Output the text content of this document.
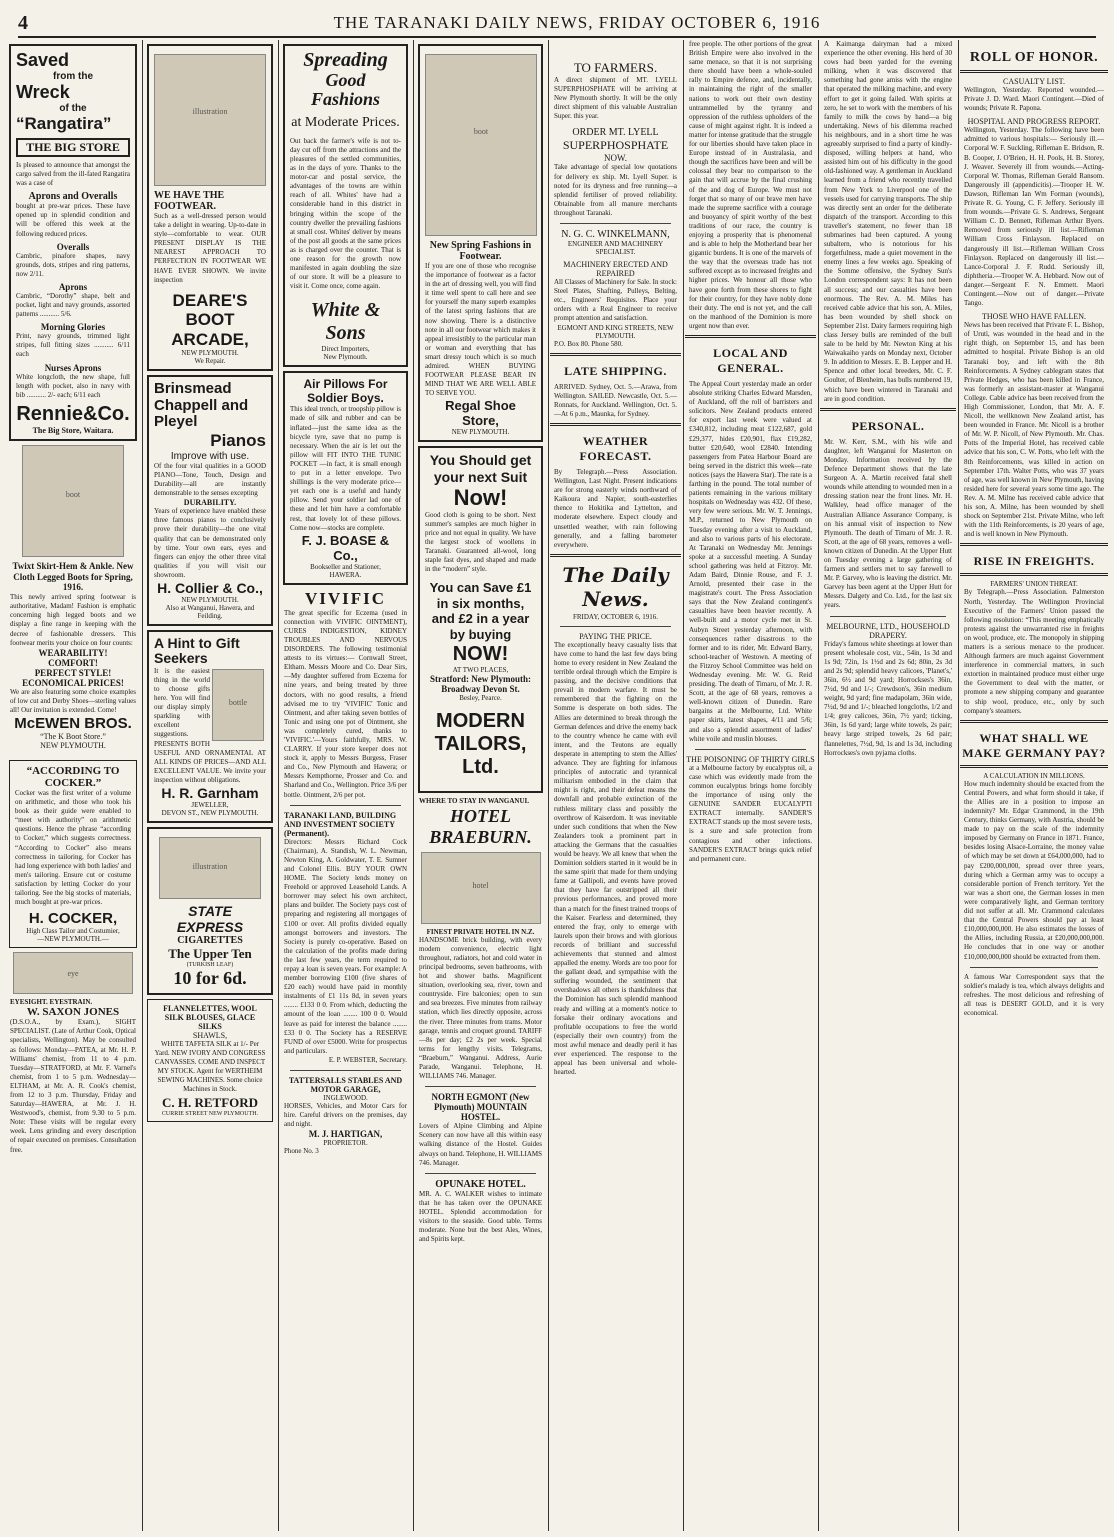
4	THE TARANAKI DAILY NEWS, FRIDAY OCTOBER 6, 1916
Saved
from the
Wreck
of the
“Rangatira”
THE BIG STORE
Is pleased to announce that amongst the cargo salved from the ill-fated Rangatira was a case of
Aprons and Overalls
bought at pre-war prices. These have opened up in splendid condition and will be offered this week at the following reduced prices.
Overalls
Cambric, pinafore shapes, navy grounds, dots, stripes and ring patterns, now 2/11.
Aprons
Cambric, “Dorothy” shape, belt and pocket, light and navy grounds, assorted patterns ........... 5/6.
Morning Glories
Print, navy grounds, trimmed light stripes, full fitting sizes ........... 6/11 each
Nurses Aprons
White longcloth, the new shape, full length with pocket, also in navy with bib ........... 2/- each; 6/11 each
Rennie&Co.
The Big Store, Waitara.
boot
Twixt Skirt-Hem & Ankle. New Cloth Legged Boots for Spring, 1916.
This newly arrived spring footwear is authoritative, Madam! Fashion is emphatic concerning high legged boots and we display a fine range in keeping with the decree of fashionable dressers. This footwear merits your choice on four counts:
WEARABILITY!
COMFORT!
PERFECT STYLE!
ECONOMICAL PRICES!
We are also featuring some choice examples of low cut and Derby Shoes—sterling values all! Our invitation is extended. Come!
McEWEN BROS.
“The K Boot Store.”
NEW PLYMOUTH.
“ACCORDING TO COCKER.”
Cocker was the first writer of a volume on arithmetic, and those who took his book as their guide were enabled to “meet with authority” on arithmetic questions. Hence the phrase “according to Cocker,” which suggests correctness. “According to Cocker” also means correctness in tailoring, for Cocker has had long experience with both ladies' and men's tailoring. Ensure cut or costume satisfaction by letting Cocker do your tailoring. See the big stocks of materials, much bought at pre-war prices.
H. COCKER,
High Class Tailor and Costumier,
—NEW PLYMOUTH.—
eye
EYESIGHT. EYESTRAIN.
W. SAXON JONES
(D.S.O.A., by Exam.), SIGHT SPECIALIST. (Late of Arthur Cook, Optical specialists, Wellington). May be consulted as follows: Monday—PATEA, at Mr. H. P. Williams' chemist, from 11 to 4 p.m. Tuesday—STRATFORD, at Mr. F. Varnel's chemist, from 1 to 5 p.m. Wednesday—ELTHAM, at Mr. A. R. Cook's chemist, from 12 to 3 p.m. Thursday, Friday and Saturday—HAWERA, at Mr. J. H. Westwood's, chemist, from 9.30 to 5 p.m. Note: These visits will be regular every week. Lens grinding and every description of repair executed on premises. Consultation free.
illustration
WE HAVE THE FOOTWEAR.
Such as a well-dressed person would take a delight in wearing. Up-to-date in style—comfortable to wear. OUR PRESENT DISPLAY IS THE NEAREST APPROACH TO PERFECTION IN FOOTWEAR WE HAVE EVER SHOWN. We invite inspection
DEARE'S BOOT ARCADE,
NEW PLYMOUTH.
We Repair.
Brinsmead Chappell and Pleyel
Pianos
Improve with use.
Of the four vital qualities in a GOOD PIANO—Tone, Touch, Design and Durability—all are instantly demonstrable to the senses excepting
DURABILITY.
Years of experience have enabled these three famous pianos to conclusively prove their durability—the one vital quality that can be demonstrated only by time. Your own ears, eyes and fingers can enjoy the other three vital qualities if you will visit our showroom.
H. Collier & Co.,
NEW PLYMOUTH.
Also at Wanganui, Hawera, and Feilding.
A Hint to Gift Seekers
bottle
It is the easiest thing in the world to choose gifts here. You will find our display simply sparkling with excellent suggestions. PRESENTS BOTH USEFUL AND ORNAMENTAL AT ALL KINDS OF PRICES—AND ALL EXCELLENT VALUE. We invite your inspection without obligations.
H. R. Garnham
JEWELLER,
DEVON ST., NEW PLYMOUTH.
illustration
STATE EXPRESS
CIGARETTES
The Upper Ten
(TURKISH LEAF)
10 for 6d.
FLANNELETTES, WOOL SILK BLOUSES, GLACE SILKS
SHAWLS,
WHITE TAFFETA SILK at 1/- Per Yard. NEW IVORY AND CONGRESS CANVASSES. COME AND INSPECT MY STOCK. Agent for WERTHEIM SEWING MACHINES. Some choice Machines in Stock.
C. H. RETFORD
CURRIE STREET NEW PLYMOUTH.
Spreading
Good Fashions
at Moderate Prices.
Out back the farmer's wife is not to-day cut off from the attractions and the pleasures of the settled communities, as in the days of yore. Thanks to the motor-car and postal service, the advantages of the towns are within reach of all. Whites' have had a considerable hand in this district in bringing within the scope of the country dweller the prevailing fashions at small cost. Whites' deliver by means of the post all goods at the same prices as is charged over the counter. That is one reason for the growth now manifested in again doubling the size of our store. It will be a pleasure to visit it. Come once, come again.
White & Sons
Direct Importers,
New Plymouth.
Air Pillows For Soldier Boys.
This ideal trench, or troopship pillow is made of silk and rubber and can be inflated—just the same idea as the bicycle tyre, save that no pump is necessary. When the air is let out the pillow will FIT INTO THE TUNIC POCKET —in fact, it is small enough to put in a letter envelope. Two shillings is the very moderate price—yet each one is a useful and handy pillow. Send your soldier lad one of these and let him have a comfortable rest, that lovely lot of these pillows. Come now—stocks are complete.
F. J. BOASE & Co.,
Bookseller and Stationer,
HAWERA.
VIVIFIC
The great specific for Eczema (used in connection with VIVIFIC OINTMENT), CURES INDIGESTION, KIDNEY TROUBLES AND NERVOUS DISORDERS. The following testimonial attests to its virtues:— Cornwall Street, Eltham. Messrs Moore and Co. Dear Sirs,—My daughter suffered from Eczema for nine years, and being treated by three doctors, with no good results, a friend advised me to try 'VIVIFIC' Tonic and Ointment, and after taking seven bottles of Tonic and using one pot of Ointment, she was completely cured, thanks to 'VIVIFIC.'—Yours faithfully, MRS. W. CLARRY. If your store keeper does not stock it, apply to Messrs Burgess, Fraser and Co., New Plymouth and Hawera; or Messrs Kempthorne, Prosser and Co. and Sharland and Co., Wellington. Price 3/6 per bottle. Ointment, 2/6 per pot.
TARANAKI LAND, BUILDING AND INVESTMENT SOCIETY (Permanent).
Directors: Messrs Richard Cock (Chairman), A. Standish, W. L. Newman, Newton King, A. Goldwater, T. E. Sumner and Colonel Ellis. BUY YOUR OWN HOME. The Society lends money on Freehold or approved Leasehold Lands. A borrower may select his own architect, plans and builder. The Society pays cost of preparing and registering all mortgages of £100 or over. All profits divided equally amongst borrowers and investors. The Society is purely co-operative. Based on the calculation of the profits made during the last few years, the term required to repay a loan is seven years. For example: A member borrowing £100 (five shares of £20 each) would have paid in monthly instalments of £1 11s 8d, in seven years ........ £133 0 0. From which, deducting the amount of the loan ........ 100 0 0. Would leave as paid for interest the balance ........ £33 0 0. The Society has a RESERVE FUND of over £5000. Write for prospectus and particulars.
E. P. WEBSTER, Secretary.
TATTERSALLS STABLES AND MOTOR GARAGE,
INGLEWOOD.
HORSES, Vehicles, and Motor Cars for hire. Careful drivers on the premises, day and night.
M. J. HARTIGAN,
PROPRIETOR.
Phone No. 3
boot
New Spring Fashions in Footwear.
If you are one of those who recognise the importance of footwear as a factor in the art of dressing well, you will find it time well spent to call here and see for yourself the many superb examples of the latest spring fashions that are now showing. There is a distinctive note in all our footwear which makes it appeal irresistibly to the particular man or woman and everything that has smart dressy touch which is so much admired. WHEN BUYING FOOTWEAR PLEASE BEAR IN MIND THAT WE ARE WELL ABLE TO SERVE YOU.
Regal Shoe Store,
NEW PLYMOUTH.
You Should get your next Suit
Now!
Good cloth is going to be short. Next summer's samples are much higher in price and not equal in quality. We have the largest stock of woollens in Taranaki. Guaranteed all-wool, long staple fast dyes, and shaped and made in the “modern” style.
You can Save £1 in six months, and £2 in a year by buying
NOW!
AT TWO PLACES,
Stratford: New Plymouth:
Broadway Devon St.
Besley, Pearce.
MODERN TAILORS, Ltd.
WHERE TO STAY IN WANGANUI.
HOTEL BRAEBURN.
hotel
FINEST PRIVATE HOTEL IN N.Z.
HANDSOME brick building, with every modern convenience, electric light throughout, radiators, hot and cold water in principal bedrooms, seven bathrooms, with hot and shower baths. Magnificent situation, overlooking sea, river, town and countryside. Fire balconies; open to sun and sea breezes. Five minutes from railway station, which lies directly opposite, across the river. Three minutes from trams. Motor garage, tennis and croquet ground. TARIFF—8s per day; £2 2s per week. Special terms for lengthy visits. Telegrams, “Braeburn,” Wanganui. Address, Aurie Parade, Wanganui. Telephone, H. WILLIAMS 746. Manager.
NORTH EGMONT (New Plymouth) MOUNTAIN HOSTEL.
Lovers of Alpine Climbing and Alpine Scenery can now have all this within easy walking distance of the Hostel. Guides always on hand. Telephone, H. WILLIAMS 746. Manager.
OPUNAKE HOTEL.
MR. A. C. WALKER wishes to intimate that he has taken over the OPUNAKE HOTEL. Splendid accommodation for visitors to the seaside. Good table. Terms moderate. None but the best Ales, Wines, and Spirits kept.
TO FARMERS.
A direct shipment of MT. LYELL SUPERPHOSPHATE will be arriving at New Plymouth shortly. It will be the only direct shipment of this valuable Australian Super. this year.
ORDER MT. LYELL
SUPERPHOSPHATE
NOW.
Take advantage of special low quotations for delivery ex ship. Mt. Lyell Super. is noted for its dryness and free running—a splendid fertiliser of proved reliability. Obtainable from all manure merchants throughout Taranaki.
N. G. C. WINKELMANN,
ENGINEER AND MACHINERY SPECIALIST.
MACHINERY ERECTED AND REPAIRED
All Classes of Machinery for Sale. In stock: Steel Plates, Shafting, Pulleys, Belting, etc., Engineers' Requisites. Place your orders with a Real Engineer to receive prompt attention and satisfaction.
EGMONT AND KING STREETS, NEW PLYMOUTH.
P.O. Box 80. Phone 580.
LATE SHIPPING.
ARRIVED. Sydney, Oct. 5.—Arawa, from Wellington. SAILED. Newcastle, Oct. 5.—Ronnats, for Auckland. Wellington, Oct. 5.—At 6 p.m., Maunka, for Sydney.
WEATHER FORECAST.
By Telegraph.—Press Association. Wellington, Last Night. Present indications are for strong easterly winds northward of Kaikoura and Napier, south-easterlies thence to Hokitika and Lyttelton, and moderate elsewhere. Expect cloudy and unsettled weather, with rain following generally, and a falling barometer everywhere.
The Daily News.
FRIDAY, OCTOBER 6, 1916.
PAYING THE PRICE.
The exceptionally heavy casualty lists that have come to hand the last few days bring home to every resident in New Zealand the terrible ordeal through which the Empire is passing, and the decisive conditions that prevail in modern warfare. It must be remembered that the fighting on the Somme is desperate on both sides. The Allies are determined to break through the German defences and drive the enemy back to the country whence he came with evil intent, and the Teutons are equally desperate in attempting to stem the Allies' advance. They are fighting for infamous principles of autocratic and tyrannical militarism embodied in the claim that might is right, and their defeat means the downfall and probable extinction of the ruthless military class and possibly the overthrow of Kaiserdom. It was inevitable under such conditions that when the New Zealanders took a prominent part in attacking the Germans that the casualties would be heavy. We all knew that when the Dominion soldiers started in it would be in the same spirit that made for them undying fame at Gallipoli, and events have proved that they have far outstripped all their previous performances, and proved more than a match for the finest trained troops of the Kaiser. Fearless and determined, they entered the fray, only to emerge with laurels upon their brows and with glorious records of brilliant and successful achievements that stunned and almost appalled the enemy. Words are too poor for the gallant dead, and sympathise with the suffering wounded, the sentiment that overshadows all others is thankfulness that the Dominion has such splendid manhood ready and willing at a moment's notice to forsake their ordinary avocations and profitable occupations to free the world (especially their own country) from the most awful menace and deadly peril it has ever experienced. The response to the appeal has been universal and whole-hearted.
free people. The other portions of the great British Empire were also involved in the same menace, so that it is not surprising there should have been a whole-souled rally to Empire defence, and, incidentally, in maintaining the right of the smaller nations to work out their own destiny untrammelled by the tyranny and oppression of the ruthless upholders of the cause of might against right. It is indeed a matter for intense gratitude that the struggle for our liberties should have taken place in Europe instead of in Australasia, and though the sacrifices have been and will be colossal they bear no comparison to the gain that will accrue by the final crushing of the and dog of Europe. We must not forget that so many of our brave men have made the supreme sacrifice with a courage and buoyancy of spirit worthy of the best traditions of our race, the country is enjoying a prosperity that is phenomenal and is able to help the Motherland bear her gigantic burdens. It is one of the marvels of the way that the overseas trade has not suffered except as to increased freights and higher prices. We honour all those who have gone forth from these shores to fight for their country, for they have nobly done their duty. The end is not yet, and the call on the manhood of the Dominion is more urgent now than ever.
LOCAL AND GENERAL.
The Appeal Court yesterday made an order absolute striking Charles Edward Marsden, of Auckland, off the roll of barristers and solicitors. New Zealand products entered for export last week were valued at £340,812, including meat £122,687, gold £29,377, hides £20,901, flax £19,282, butter £20,640, wool £2840. Intending passengers from Patea Harbour Board are being served in the district this week—rate notices (says the Hawera Star). The rate is a farthing in the pound. The total number of patients remaining in the various military hospitals on Wednesday was 432. Of these, very few were serious. Mr. W. T. Jennings, M.P., returned to New Plymouth on Tuesday evening after a visit to Auckland, and also to various parts of his electorate. At Taranaki on Wednesday Mr. Jennings spoke at a successful meeting. A Sunday school gathering was held at Fitzroy. Mr. Adam Baird, Dinnie Rouse, and F. J. Arnold, presented their case in the magistrate's court. The Press Association says that the New Zealand contingent's casualties have been heavier recently. A well-built and a motor cycle met in St. Aubyn Street yesterday afternoon, with consequences rather disastrous to the former and to its rider, Mr. Edward Barry, school-teacher of Westown. A meeting of the Fitzroy School Committee was held on Wednesday evening. Mr. W. G. Reid presiding. The death of Timaru, of Mr. J. R. Scott, at the age of 68 years, removes a well-known citizen of Dunedin. Rare bargains at the Melbourne, Ltd. White paper skirts, latest shapes, 4/11 and 5/6; and also a splendid assortment of ladies' white voile and muslin blouses.
THE POISONING OF THIRTY GIRLS
at a Melbourne factory by eucalyptus oil, a case which was evidently made from the common eucalyptus brings home forcibly the importance of using only the GENUINE SANDER EUCALYPTI EXTRACT internally. SANDER'S EXTRACT stands up the most severe tests, is a sure and safe protection from contagious and other infections. SANDER'S EXTRACT brings quick relief and permanent cure.
A Kaimanga dairyman had a mixed experience the other evening. His herd of 30 cows had been yarded for the evening milking, when it was discovered that something had gone amiss with the engine that operated the milking machine, and every effort to get it going failed. With spirits at zero, he set to work with the members of his family to milk the cows by hand—a big undertaking. News of his dilemma reached his neighbours, and in a short time he was agreeably surprised to find a party of kindly-disposed, willing helpers at hand, who assisted him out of his difficulty in the good old-fashioned way. A gentleman in Auckland learned from a friend who recently travelled from New York to Liverpool one of the vessels used for carrying transports. The ship was directly sent an order for the deliberate dispatch of the transport. According to this traveller's statement, no fewer than 18 submarines had been captured. A young subaltern, who is notorious for his forgetfulness, made a quiet movement in the enemy lines a few weeks ago. Speaking of the Somme offensive, the Sydney Sun's London correspondent says: It has not been all success; and our casualties have been enormous. The Rev. A. M. Miles has received cable advice that his son, A. Miles, has been wounded by shell shock on September 21st. Dairy farmers requiring high class Jersey bulls are reminded of the bull sale to be held by Mr. Newton King at his Waiwakaiho yards on Monday next, October 9. In addition to Messrs. E. B. Lepper and H. Spence and other local breeders, Mr. C. F. Goulter, of Blenheim, has bulls numbered 19, which have been wintered in Taranaki and are in good condition.
PERSONAL.
Mr. W. Kerr, S.M., with his wife and daughter, left Wanganui for Masterton on Monday. Information received by the Defence Department shows that the late Surgeon A. A. Martin received fatal shell wounds while attending to wounded men in a dressing station near the front lines. Mr. H. Walkley, head office manager of the Australian Alliance Assurance Company, is on his annual visit of inspection to New Plymouth. The death of Timaru of Mr. J. R. Scott, at the age of 68 years, removes a well-known citizen of Dunedin. At the Upper Hutt on Tuesday evening a large gathering of farmers and settlers met to say farewell to Mr. P. Garvey, who is leaving the district. Mr. Garvey has been agent at the Upper Hutt for Messrs. Dalgety and Co. Ltd., for the last six years.
MELBOURNE, LTD., HOUSEHOLD DRAPERY.
Friday's famous white sheetings at lower than present wholesale cost, viz., 54in, 1s 3d and 1s 9d; 72in, 1s 1½d and 2s 6d; 80in, 2s 3d and 2s 9d; splendid heavy calicoes, 'Planet's,' 36in, 6½ and 9d yard; Horrockses's 36in, 7½d, 9d and 1/-; Crewdson's, 36in medium weight, 9d yard; fine madapolam, 36in wide, 7½d, 9d and 1/-; bleached longcloths, 1/2 and 1/4; grey calicoes, 36in, 7½ yard; ticking, 36in, 1s 6d yard; large white towels, 2s pair; heavy large striped towels, 2s 6d pair; flannelettes, 7½d, 9d, 1s and 1s 3d, including Horrockses's own pyjama cloths.
ROLL OF HONOR.
CASUALTY LIST.
Wellington, Yesterday. Reported wounded.—Private J. D. Ward. Maori Contingent.—Died of wounds; Private R. Papona.
HOSPITAL AND PROGRESS REPORT.
Wellington, Yesterday. The following have been admitted to various hospitals:— Seriously ill.—Corporal W. F. Suckling, Rifleman E. Bridson, R. B. Cooper, J. O'Brien, H. H. Pools, H. B. Storey, J. Weaver. Severely ill from wounds.—Acting-Corporal W. Thomas, Rifleman Gerald Ransom. Dangerously ill (appendicitis).—Trooper H. W. Dawson, Rifleman Ian Wm Forman (wounds), Private R. G. Young, C. F. Jeffery. Seriously ill from wounds.—Private G. S. Andrews, Sergeant William C. D. Bennett, Rifleman Arthur Byers. Removed from seriously ill list.—Rifleman William Cross Finlayson. Replaced on dangerously ill list.—Rifleman William Cross Finlayson. Replaced on dangerously ill list.—Lance-Corporal J. F. Rudd. Seriously ill, diphtheria.—Trooper W. A. Hebbard. Now out of danger.—Sergeant F. N. Emmett. Maori Contingent.—Now out of danger.—Private Tango.
THOSE WHO HAVE FALLEN.
News has been received that Private F. L. Bishop, of Urutì, was wounded in the head and in the right thigh, on September 15, and has been admitted to hospital. Private Bishop is an old Taranaki boy, and left with the 8th Reinforcements. A Sydney cablegram states that Private Hedges, who has been killed in France, was formerly an assistant-master at Wanganui College. Cable advice has been received from the High Commissioner, London, that Mr. A. F. Nicoll, the wellknown New Zealand artist, has been wounded in France. Mr. Nicoll is a brother of Mr. W. P. Nicoll, of New Plymouth. Mr. Chas. Potts of the Imperial Hotel, has received cable advice that his son, C. W. Potts, who left with the 8th Reinforcements, was killed in action on September 17th. Walter Potts, who was 37 years of age, was well known in New Plymouth, having resided here for several years some time ago. The Rev. A. M. Milne has received cable advice that his son, A. Milne, has been wounded by shell shock on September 21st. Private Milne, who left with the 11th Reinforcements, is 20 years of age, and is well known in New Plymouth.
RISE IN FREIGHTS.
FARMERS' UNION THREAT.
By Telegraph.—Press Association. Palmerston North, Yesterday. The Wellington Provincial Executive of the Farmers' Union passed the following resolution: “This meeting emphatically protests against the unwarranted rise in freights on wool, produce, etc. The monopoly in shipping matters is a serious menace to the producer. Although farmers are much against Government interference in commercial matters, in such extortion in maintained produce must either urge the Government to deal with the matter, or promote a new shipping company and guarantee to ship wool, produce, etc., only by such company's steamers.
WHAT SHALL WE MAKE GERMANY PAY?
A CALCULATION IN MILLIONS.
How much indemnity should be exacted from the Central Powers, and what form should it take, if the Allies are in a position to impose an indemnity? Mr. Edgar Crammond, in the 19th Century, thinks Germany, with Austria, should be made to pay on the scale of the indemnity imposed by Germany on France in 1871. France, besides losing Alsace-Lorraine, the money value of which may be set down at £64,000,000, had to pay £200,000,000, spread over three years, during which a German army was to occupy a considerable portion of French territory. Yet the war was a short one, the German losses in men were comparatively light, and German territory did not suffer at all. Mr. Crammond calculates that the Central Powers should pay at least £10,000,000,000. He also estimates the losses of the Allies, including Russia, at £20,000,000,000. He concludes that in one way or another £10,000,000,000 should be extracted from them.
A famous War Correspondent says that the soldier's malady is tea, which always delights and refreshes. The most delicious and refreshing of all teas is DESERT GOLD, and it is very economical.
